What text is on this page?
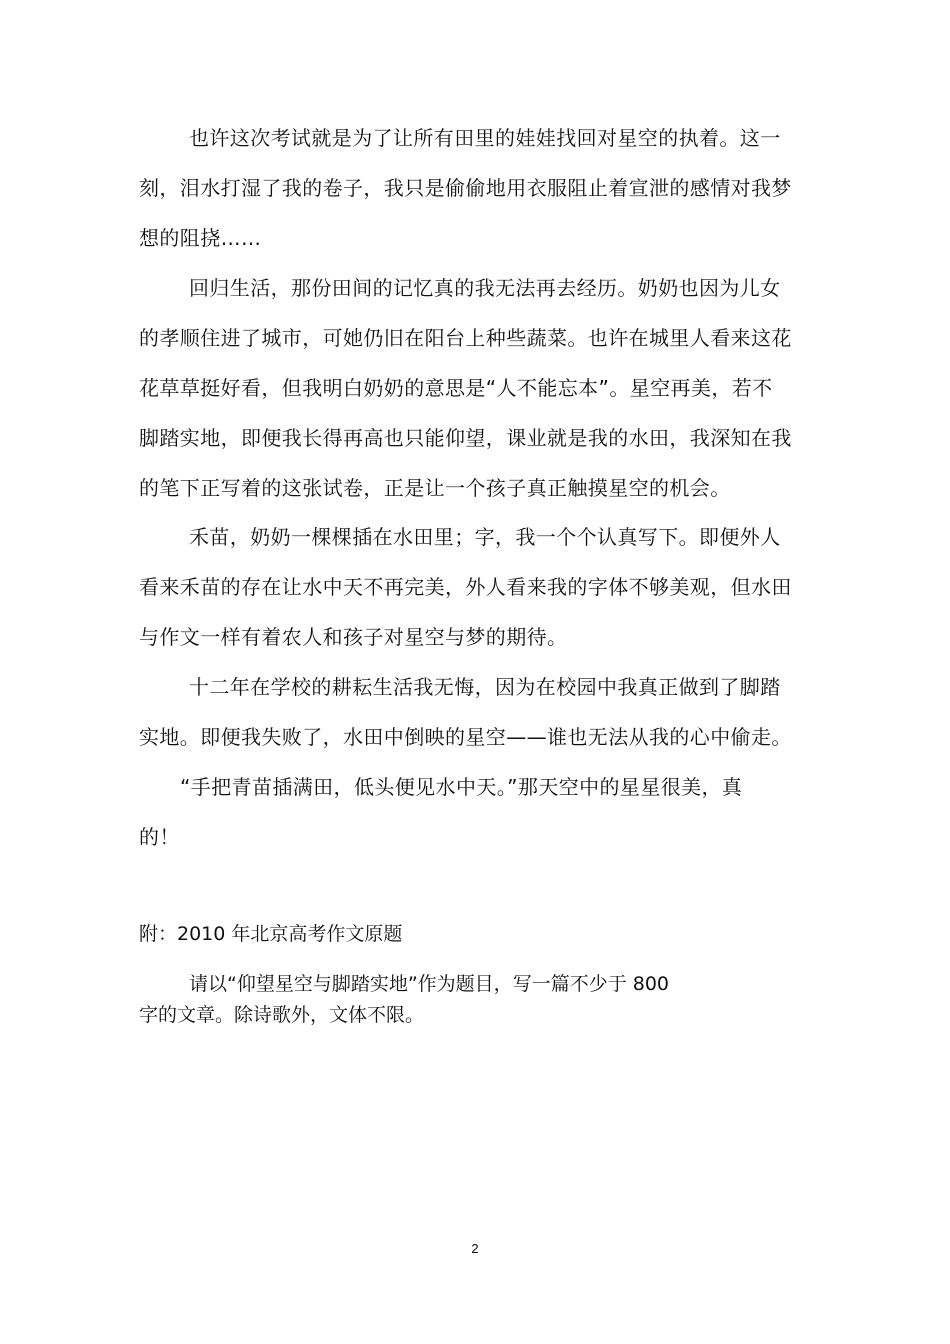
也许这次考试就是为了让所有田里的娃娃找回对星空的执着。这一
刻，泪水打湿了我的卷子，我只是偷偷地用衣服阻止着宣泄的感情对我梦
想的阻挠……
回归生活，那份田间的记忆真的我无法再去经历。奶奶也因为儿女
的孝顺住进了城市，可她仍旧在阳台上种些蔬菜。也许在城里人看来这花
花草草挺好看，但我明白奶奶的意思是“人不能忘本”。星空再美，若不
脚踏实地，即便我长得再高也只能仰望，课业就是我的水田，我深知在我
的笔下正写着的这张试卷，正是让一个孩子真正触摸星空的机会。
禾苗，奶奶一棵棵插在水田里；字，我一个个认真写下。即便外人
看来禾苗的存在让水中天不再完美，外人看来我的字体不够美观，但水田
与作文一样有着农人和孩子对星空与梦的期待。
十二年在学校的耕耘生活我无悔，因为在校园中我真正做到了脚踏
实地。即便我失败了，水田中倒映的星空——谁也无法从我的心中偷走。
“手把青苗插满田，低头便见水中天。”那天空中的星星很美，真
的！
附：2010 年北京高考作文原题
请以“仰望星空与脚踏实地”作为题目，写一篇不少于 800
字的文章。除诗歌外，文体不限。
2
